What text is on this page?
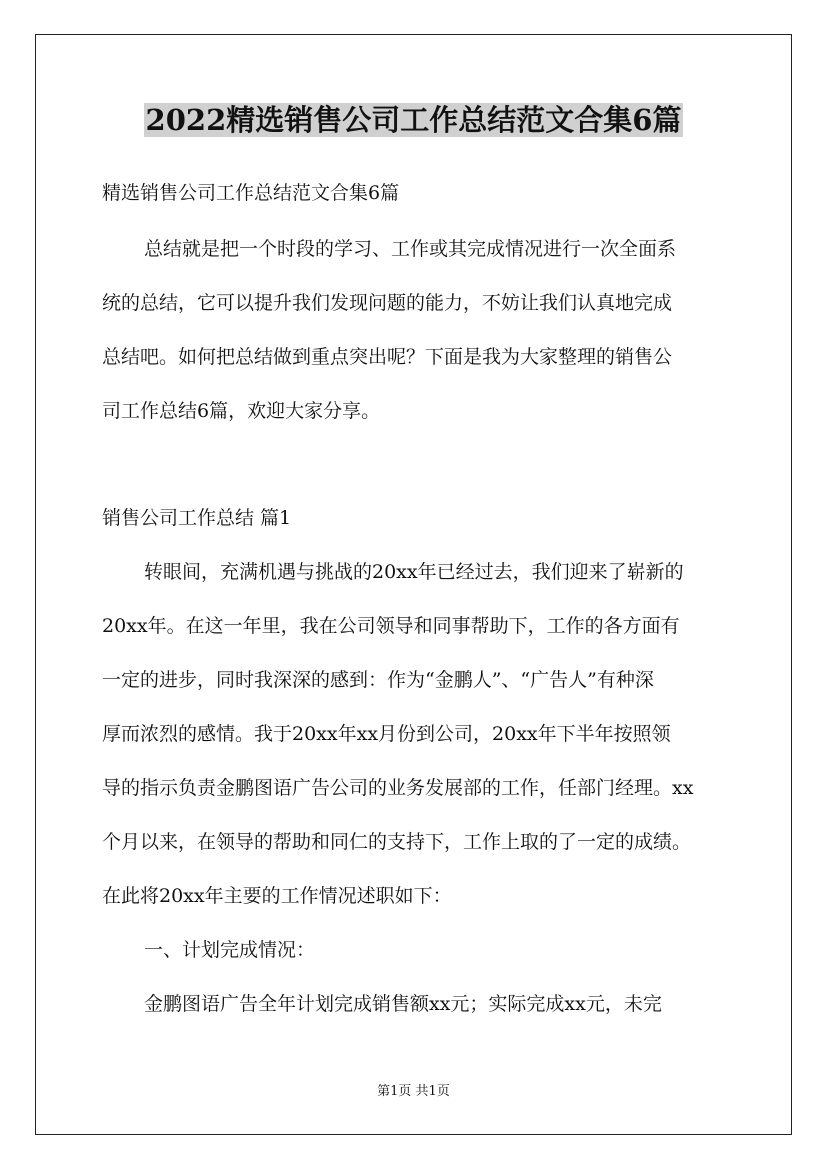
2022精选销售公司工作总结范文合集6篇
精选销售公司工作总结范文合集6篇
总结就是把一个时段的学习、工作或其完成情况进行一次全面系
统的总结，它可以提升我们发现问题的能力，不妨让我们认真地完成
总结吧。如何把总结做到重点突出呢？下面是我为大家整理的销售公
司工作总结6篇，欢迎大家分享。
销售公司工作总结 篇1
转眼间，充满机遇与挑战的20xx年已经过去，我们迎来了崭新的
20xx年。在这一年里，我在公司领导和同事帮助下，工作的各方面有
一定的进步，同时我深深的感到：作为“金鹏人”、“广告人”有种深
厚而浓烈的感情。我于20xx年xx月份到公司，20xx年下半年按照领
导的指示负责金鹏图语广告公司的业务发展部的工作，任部门经理。xx
个月以来，在领导的帮助和同仁的支持下，工作上取的了一定的成绩。
在此将20xx年主要的工作情况述职如下：
一、计划完成情况：
金鹏图语广告全年计划完成销售额xx元；实际完成xx元，未完
第1页 共1页
